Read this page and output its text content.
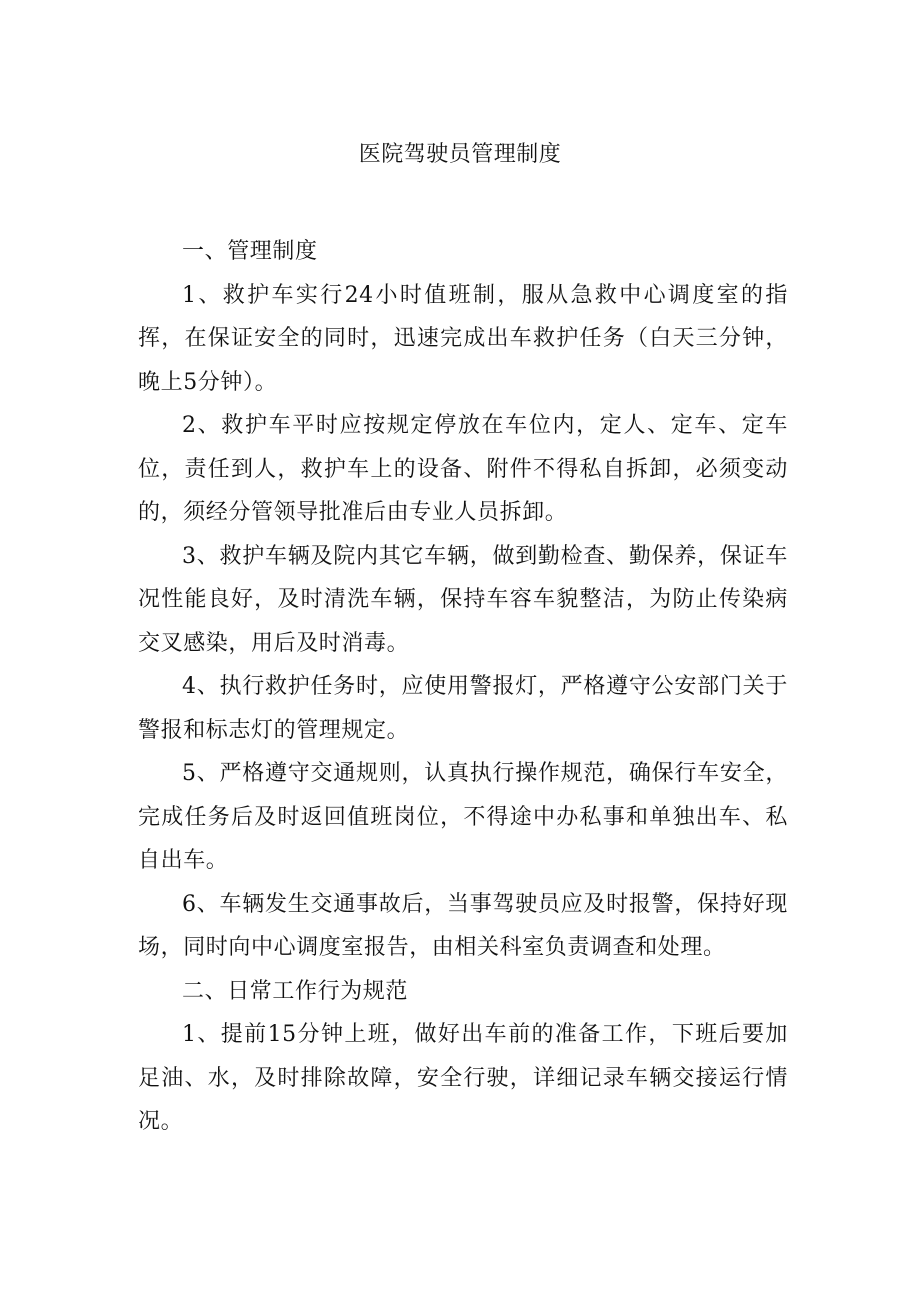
医院驾驶员管理制度

一、管理制度

1、救护车实行24小时值班制，服从急救中心调度室的指挥，在保证安全的同时，迅速完成出车救护任务（白天三分钟，晚上5分钟）。

2、救护车平时应按规定停放在车位内，定人、定车、定车位，责任到人，救护车上的设备、附件不得私自拆卸，必须变动的，须经分管领导批准后由专业人员拆卸。

3、救护车辆及院内其它车辆，做到勤检查、勤保养，保证车况性能良好，及时清洗车辆，保持车容车貌整洁，为防止传染病交叉感染，用后及时消毒。

4、执行救护任务时，应使用警报灯，严格遵守公安部门关于警报和标志灯的管理规定。

5、严格遵守交通规则，认真执行操作规范，确保行车安全，完成任务后及时返回值班岗位，不得途中办私事和单独出车、私自出车。

6、车辆发生交通事故后，当事驾驶员应及时报警，保持好现场，同时向中心调度室报告，由相关科室负责调查和处理。

二、日常工作行为规范

1、提前15分钟上班，做好出车前的准备工作，下班后要加足油、水，及时排除故障，安全行驶，详细记录车辆交接运行情况。
